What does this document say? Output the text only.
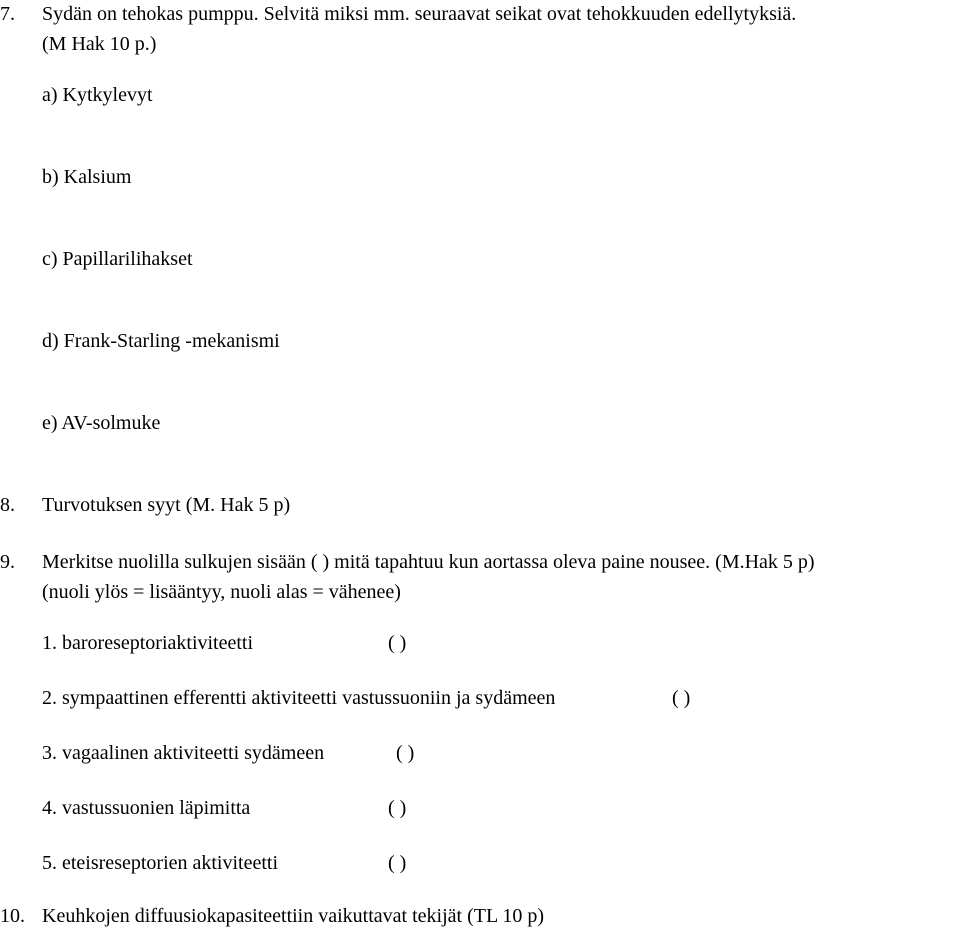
7. Sydän on tehokas pumppu. Selvitä miksi mm. seuraavat seikat ovat tehokkuuden edellytyksiä.
(M Hak 10 p.)
a) Kytkylevyt
b) Kalsium
c) Papillarilihakset
d) Frank-Starling -mekanismi
e) AV-solmuke
8. Turvotuksen syyt (M. Hak 5 p)
9. Merkitse nuolilla sulkujen sisään ( ) mitä tapahtuu kun aortassa oleva paine nousee. (M.Hak 5 p)
(nuoli ylös = lisääntyy, nuoli alas = vähenee)
1. baroreseptoriaktiviteetti	( )
2. sympaattinen efferentti aktiviteetti vastussuoniin ja sydämeen	( )
3. vagaalinen aktiviteetti sydämeen	( )
4. vastussuonien läpimitta	( )
5. eteisreseptorien aktiviteetti	( )
10. Keuhkojen diffuusiokapasiteettiin vaikuttavat tekijät (TL 10 p)
